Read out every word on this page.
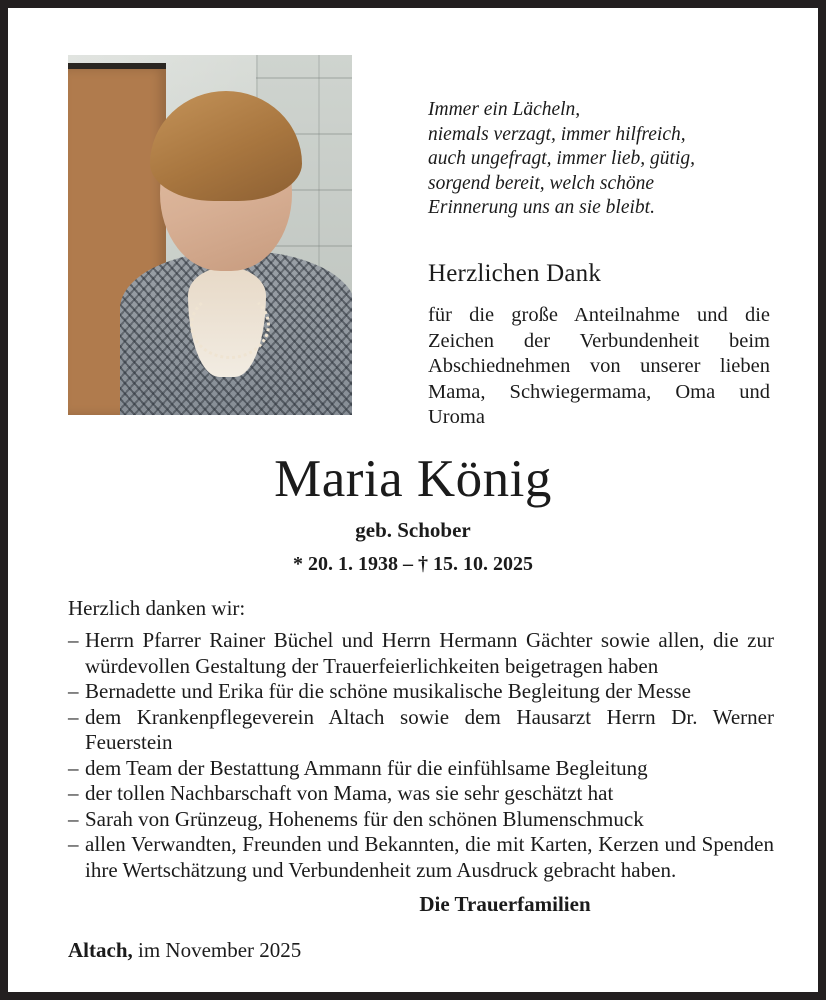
Immer ein Lächeln,
niemals verzagt, immer hilfreich,
auch ungefragt, immer lieb, gütig,
sorgend bereit, welch schöne
Erinnerung uns an sie bleibt.
Herzlichen Dank
für die große Anteilnahme und die Zeichen der Verbundenheit beim Abschiednehmen von unserer lieben Mama, Schwiegermama, Oma und Uroma
Maria König
geb. Schober
* 20. 1. 1938 – † 15. 10. 2025
Herzlich danken wir:
– Herrn Pfarrer Rainer Büchel und Herrn Hermann Gächter sowie allen, die zur würdevollen Gestaltung der Trauerfeierlichkeiten beigetragen haben
– Bernadette und Erika für die schöne musikalische Begleitung der Messe
– dem Krankenpflegeverein Altach sowie dem Hausarzt Herrn Dr. Werner Feuerstein
– dem Team der Bestattung Ammann für die einfühlsame Begleitung
– der tollen Nachbarschaft von Mama, was sie sehr geschätzt hat
– Sarah von Grünzeug, Hohenems für den schönen Blumenschmuck
– allen Verwandten, Freunden und Bekannten, die mit Karten, Kerzen und Spenden ihre Wertschätzung und Verbundenheit zum Ausdruck gebracht haben.
Die Trauerfamilien
Altach, im November 2025
